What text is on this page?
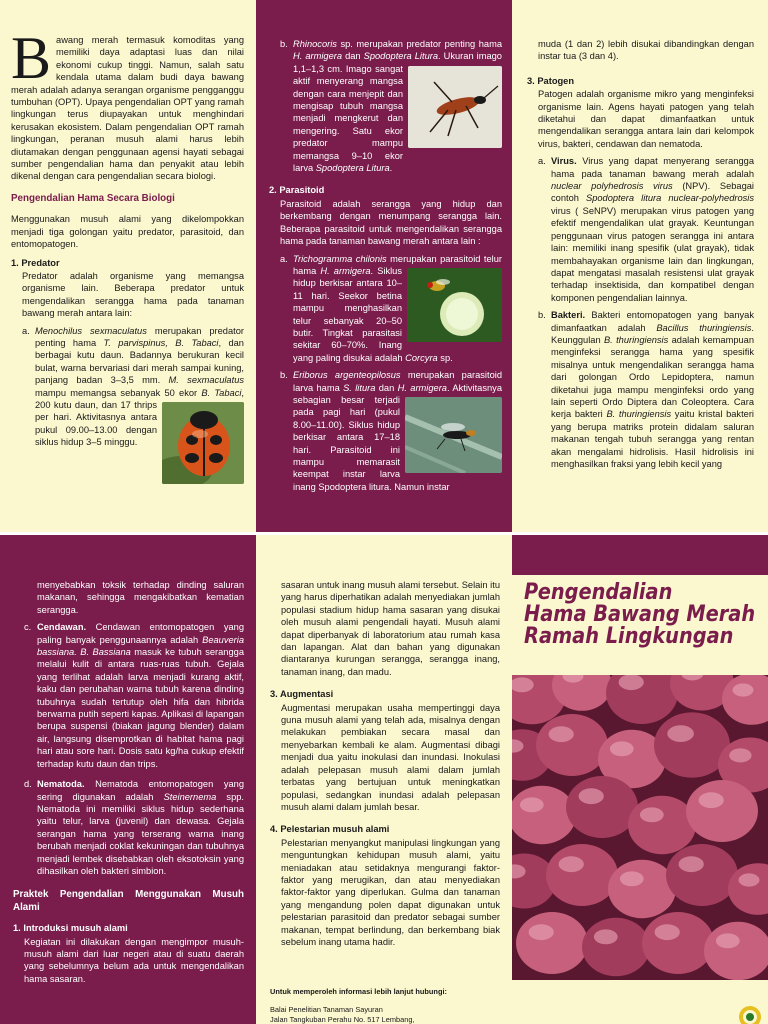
B awang merah termasuk komoditas yang memiliki daya adaptasi luas dan nilai ekonomi cukup tinggi. Namun, salah satu kendala utama dalam budi daya bawang merah adalah adanya serangan organisme pengganggu tumbuhan (OPT). Upaya pengendalian OPT yang ramah lingkungan terus diupayakan untuk menghindari kerusakan ekosistem. Dalam pengendalian OPT ramah lingkungan, peranan musuh alami harus lebih diutamakan dengan penggunaan agensi hayati sebagai sumber pengendalian hama dan penyakit atau lebih dikenal dengan cara pengendalian secara biologi.

Pengendalian Hama Secara Biologi

Menggunakan musuh alami yang dikelompokkan menjadi tiga golongan yaitu predator, parasitoid, dan entomopatogen.

1. Predator

Predator adalah organisme yang memangsa organisme lain. Beberapa predator untuk mengendalikan serangga hama pada tanaman bawang merah antara lain:

a. Menochilus sexmaculatus merupakan predator penting hama T. parvispinus, B. Tabaci, dan berbagai kutu daun. Badannya berukuran kecil bulat, warna bervariasi dari merah sampai kuning, panjang badan 3–3,5 mm. M. sexmaculatus mampu memangsa sebanyak 50 ekor B. Tabaci
, 200 kutu daun, dan 17 thrips per hari. Aktivitasnya antara pukul 09.00–13.00 dengan siklus hidup 3–5 minggu.
b. Rhinocoris sp. merupakan predator penting hama H. armigera dan Spodoptera Litura
. Ukuran imago 1,1–1,3 cm. Imago sangat aktif menyerang mangsa dengan cara menjepit dan mengisap tubuh mangsa menjadi mengkerut dan mengering. Satu ekor predator mampu memangsa 9–10 ekor larva Spodoptera Litura.
2. Parasitoid

Parasitoid adalah serangga yang hidup dan berkembang dengan menumpang serangga lain. Beberapa parasitoid untuk mengendalikan serangga hama pada tanaman bawang merah antara lain :

a. Trichogramma chilonis merupakan parasitoid telur hama H. armigera
. Siklus hidup berkisar antara 10–11 hari. Seekor betina mampu menghasilkan telur sebanyak 20–50 butir. Tingkat parasitasi sekitar 60–70%. Inang yang paling disukai adalah Corcyra sp.
b. Eriborus argenteopilosus merupakan parasitoid larva hama S. litura dan H. armigera
. Aktivitasnya sebagian besar terjadi pada pagi hari (pukul 8.00–11.00). Siklus hidup berkisar antara 17–18 hari. Parasitoid ini mampu memarasit keempat instar larva inang Spodoptera litura. Namun instar

muda (1 dan 2) lebih disukai dibandingkan dengan instar tua (3 dan 4).

3. Patogen

Patogen adalah organisme mikro yang menginfeksi organisme lain. Agens hayati patogen yang telah diketahui dan dapat dimanfaatkan untuk mengendalikan serangga antara lain dari kelompok virus, bakteri, cendawan dan nematoda.

a. Virus. Virus yang dapat menyerang serangga hama pada tanaman bawang merah adalah nuclear polyhedrosis virus (NPV). Sebagai contoh Spodoptera litura nuclear-polyhedrosis virus ( SeNPV) merupakan virus patogen yang efektif mengendalikan ulat grayak. Keuntungan penggunaan virus patogen serangga ini antara lain: memiliki inang spesifik (ulat grayak), tidak membahayakan organisme lain dan lingkungan, dapat mengatasi masalah resistensi ulat grayak terhadap insektisida, dan kompatibel dengan komponen pengendalian lainnya.
b. Bakteri. Bakteri entomopatogen yang banyak dimanfaatkan adalah Bacillus thuringiensis. Keunggulan B. thuringiensis adalah kemampuan menginfeksi serangga hama yang spesifik misalnya untuk mengendalikan serangga hama dari golongan Ordo Lepidoptera, namun diketahui juga mampu menginfeksi ordo yang lain seperti Ordo Diptera dan Coleoptera. Cara kerja bakteri B. thuringiensis yaitu kristal bakteri yang berupa matriks protein didalam saluran makanan tengah tubuh serangga yang rentan akan mengalami hidrolisis. Hasil hidrolisis ini menghasilkan fraksi yang lebih kecil yang

menyebabkan toksik terhadap dinding saluran makanan, sehingga mengakibatkan kematian serangga.

c. Cendawan. Cendawan entomopatogen yang paling banyak penggunaannya adalah Beauveria bassiana. B. Bassiana masuk ke tubuh serangga melalui kulit di antara ruas-ruas tubuh. Gejala yang terlihat adalah larva menjadi kurang aktif, kaku dan perubahan warna tubuh karena dinding tubuhnya sudah tertutup oleh hifa dan hibrida berwarna putih seperti kapas. Aplikasi di lapangan berupa suspensi (biakan jagung blender) dalam air, langsung disemprotkan di habitat hama pagi hari atau sore hari. Dosis satu kg/ha cukup efektif terhadap kutu daun dan trips.
d. Nematoda. Nematoda entomopatogen yang sering digunakan adalah Steinernema spp. Nematoda ini memiliki siklus hidup sederhana yaitu telur, larva (juvenil) dan dewasa. Gejala serangan hama yang terserang warna inang berubah menjadi coklat kekuningan dan tubuhnya menjadi lembek disebabkan oleh eksotoksin yang dihasilkan oleh bakteri simbion.
Praktek Pengendalian Menggunakan Musuh Alami
1. Introduksi musuh alami

Kegiatan ini dilakukan dengan mengimpor musuh-musuh alami dari luar negeri atau di suatu daerah yang sebelumnya belum ada untuk mengendalikan hama sasaran.

sasaran untuk inang musuh alami tersebut. Selain itu yang harus diperhatikan adalah menyediakan jumlah populasi stadium hidup hama sasaran yang disukai oleh musuh alami pengendali hayati. Musuh alami dapat diperbanyak di laboratorium atau rumah kasa dan lapangan. Alat dan bahan yang digunakan diantaranya kurungan serangga, serangga inang, tanaman inang, dan madu.

3. Augmentasi

Augmentasi merupakan usaha mempertinggi daya guna musuh alami yang telah ada, misalnya dengan melakukan pembiakan secara masal dan menyebarkan kembali ke alam. Augmentasi dibagi menjadi dua yaitu inokulasi dan inundasi. Inokulasi adalah pelepasan musuh alami dalam jumlah terbatas yang bertujuan untuk meningkatkan populasi, sedangkan inundasi adalah pelepasan musuh alami dalam jumlah besar.

4. Pelestarian musuh alami

Pelestarian menyangkut manipulasi lingkungan yang menguntungkan kehidupan musuh alami, yaitu meniadakan atau setidaknya mengurangi faktor-faktor yang merugikan, dan atau menyediakan faktor-faktor yang diperlukan. Gulma dan tanaman yang mengandung polen dapat digunakan untuk pelestarian parasitoid dan predator sebagai sumber makanan, tempat berlindung, dan berkembang biak sebelum inang utama hadir.

Untuk memperoleh informasi lebih lanjut hubungi:
Balai Penelitian Tanaman Sayuran
Jalan Tangkuban Perahu No. 517 Lembang,
Pengendalian
Hama Bawang Merah
Ramah Lingkungan
